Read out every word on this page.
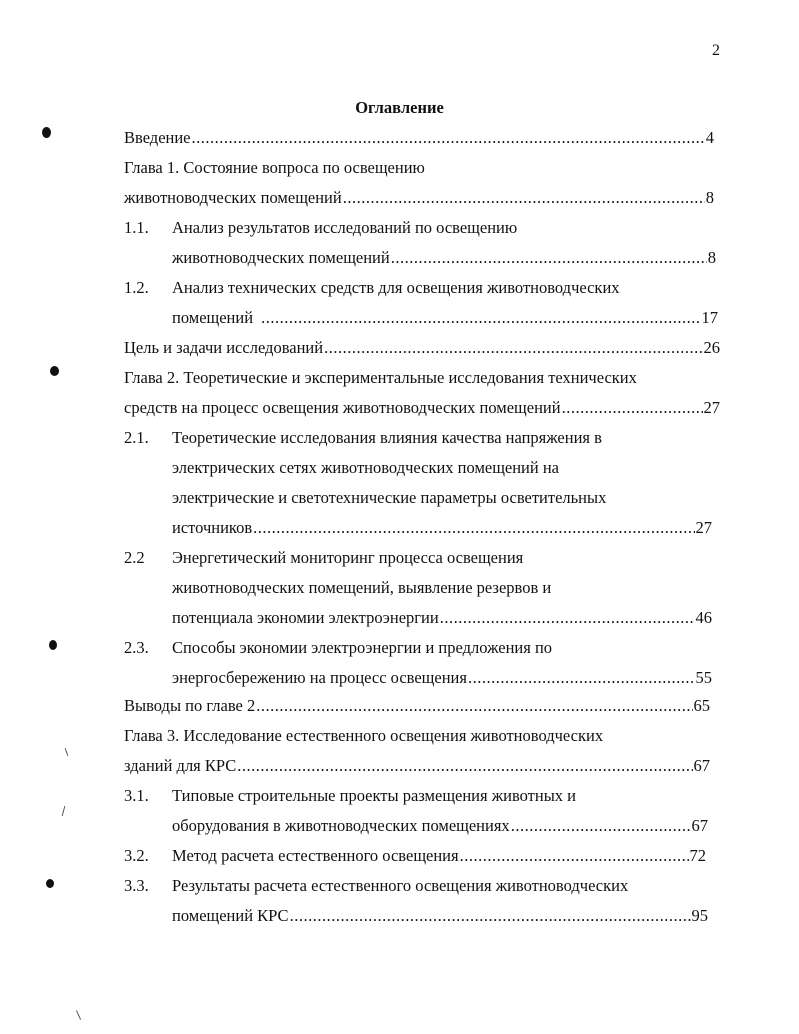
2
Оглавление
Введение .....	4
Глава 1. Состояние вопроса по освещению
животноводческих помещений .....	8
1.1. Анализ результатов исследований по освещению
животноводческих помещений .....	8
1.2. Анализ технических средств для освещения животноводческих
помещений .....	17
Цель и задачи исследований .....	26
Глава 2. Теоретические и экспериментальные исследования технических
средств на процесс освещения животноводческих помещений .....	27
2.1. Теоретические исследования влияния качества напряжения в
электрических сетях животноводческих помещений на
электрические и светотехнические параметры осветительных
источников .....	27
2.2 Энергетический мониторинг процесса освещения
животноводческих помещений, выявление резервов и
потенциала экономии электроэнергии .....	46
2.3. Способы экономии электроэнергии и предложения по
энергосбережению на процесс освещения .....	55
Выводы по главе 2 .....	65
Глава 3. Исследование естественного освещения животноводческих
зданий для КРС .....	67
3.1. Типовые строительные проекты размещения животных и
оборудования в животноводческих помещениях .....	67
3.2. Метод расчета естественного освещения .....	72
3.3. Результаты расчета естественного освещения животноводческих
помещений КРС .....	95
